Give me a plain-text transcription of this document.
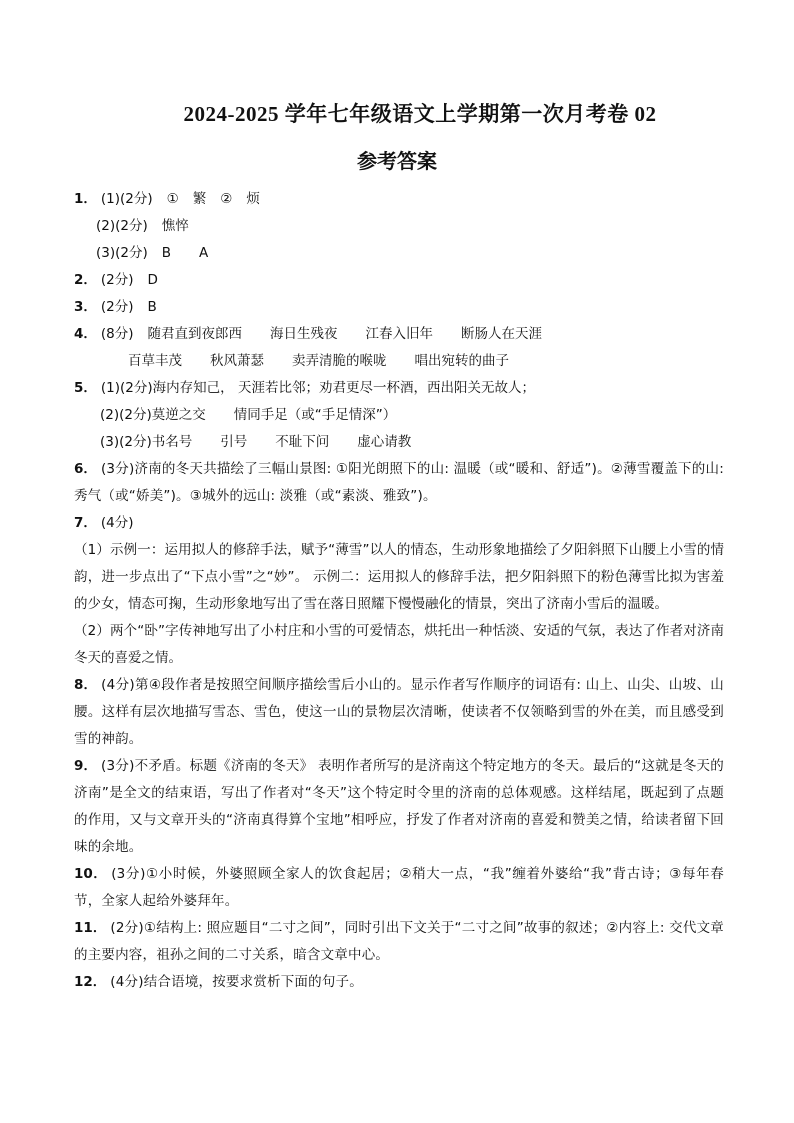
2024-2025 学年七年级语文上学期第一次月考卷 02
参考答案
1． (1)(2分) ① 繁 ② 烦
(2)(2分) 憔悴
(3)(2分) B A
2． (2分) D
3． (2分) B
4． (8分) 随君直到夜郎西 海日生残夜 江春入旧年 断肠人在天涯
百草丰茂 秋风萧瑟 卖弄清脆的喉咙 唱出宛转的曲子
5． (1)(2分)海内存知己， 天涯若比邻；劝君更尽一杯酒，西出阳关无故人；
(2)(2分)莫逆之交 情同手足（或“手足情深”）
(3)(2分)书名号 引号 不耻下问 虚心请教
6． (3分)济南的冬天共描绘了三幅山景图: ①阳光朗照下的山: 温暖（或“暖和、舒适”)。②薄雪覆盖下的山: 秀气（或“娇美”)。③城外的远山: 淡雅（或“素淡、雅致”)。
7． (4分)
（1）示例一：运用拟人的修辞手法，赋予“薄雪”以人的情态，生动形象地描绘了夕阳斜照下山腰上小雪的情韵，进一步点出了“下点小雪”之“妙”。 示例二：运用拟人的修辞手法，把夕阳斜照下的粉色薄雪比拟为害羞的少女，情态可掬，生动形象地写出了雪在落日照耀下慢慢融化的情景，突出了济南小雪后的温暖。
（2）两个“卧”字传神地写出了小村庄和小雪的可爱情态，烘托出一种恬淡、安适的气氛，表达了作者对济南冬天的喜爱之情。
8． (4分)第④段作者是按照空间顺序描绘雪后小山的。显示作者写作顺序的词语有: 山上、山尖、山坡、山腰。这样有层次地描写雪态、雪色，使这一山的景物层次清晰，使读者不仅领略到雪的外在美，而且感受到雪的神韵。
9． (3分)不矛盾。标题《济南的冬天》 表明作者所写的是济南这个特定地方的冬天。最后的“这就是冬天的济南”是全文的结束语，写出了作者对“冬天”这个特定时令里的济南的总体观感。这样结尾，既起到了点题的作用，又与文章开头的“济南真得算个宝地”相呼应，抒发了作者对济南的喜爱和赞美之情，给读者留下回味的余地。
10． (3分)①小时候，外婆照顾全家人的饮食起居；②稍大一点，“我”缠着外婆给“我”背古诗；③每年春节，全家人起给外婆拜年。
11． (2分)①结构上: 照应题目“二寸之间”，同时引出下文关于“二寸之间”故事的叙述；②内容上: 交代文章的主要内容，祖孙之间的二寸关系，暗含文章中心。
12． (4分)结合语境，按要求赏析下面的句子。
